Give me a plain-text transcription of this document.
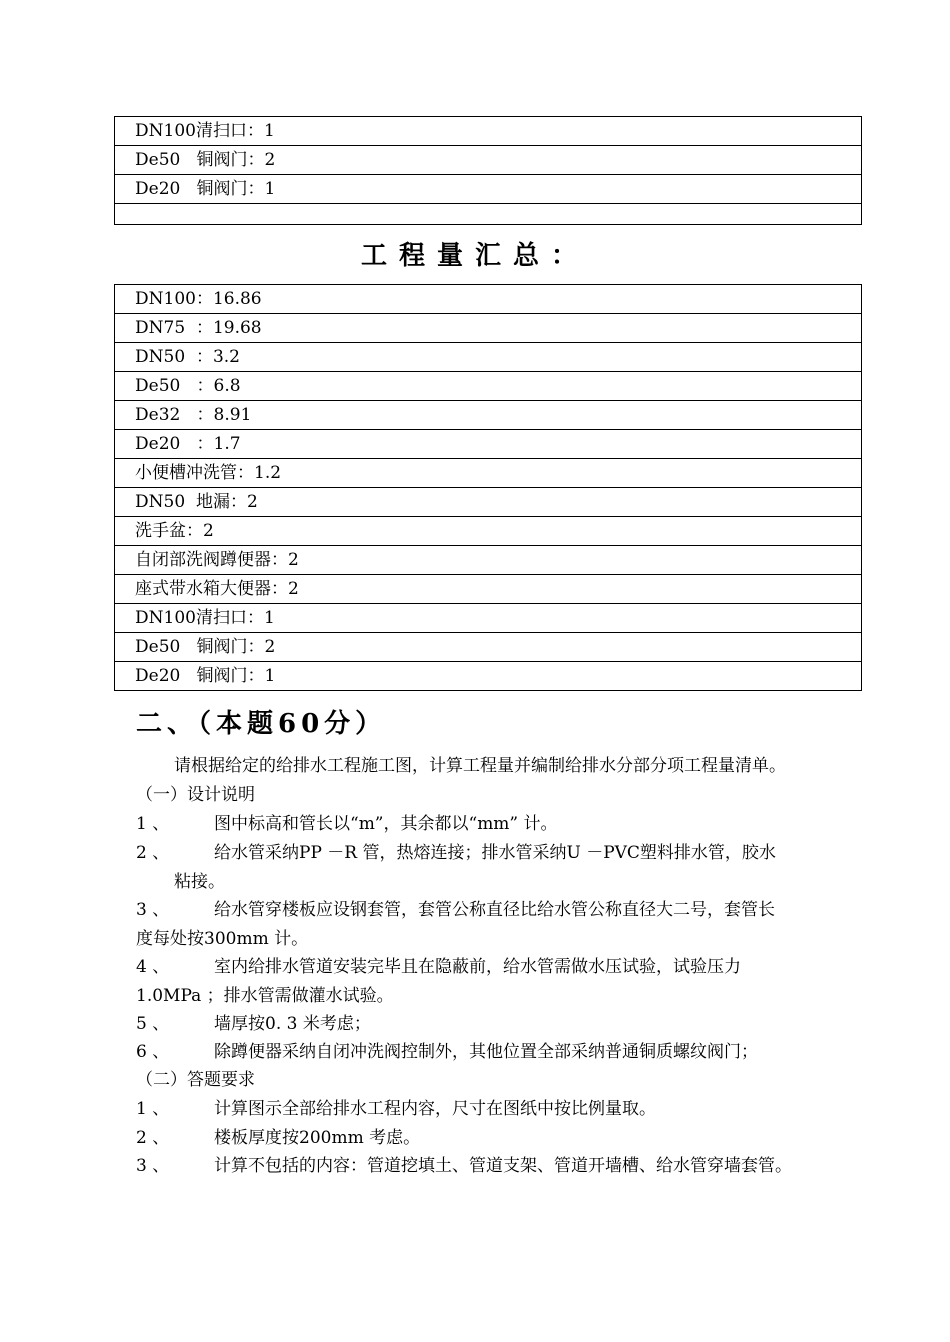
DN100清扫口：1
De50   铜阀门：2
De20   铜阀门：1

工程量汇总：
DN100：16.86
DN75  ：19.68
DN50  ：3.2
De50   ：6.8
De32   ：8.91
De20   ：1.7
小便槽冲洗管：1.2
DN50  地漏：2
洗手盆：2
自闭部洗阀蹲便器：2
座式带水箱大便器：2
DN100清扫口：1
De50   铜阀门：2
De20   铜阀门：1
二、（本题60分）
请根据给定的给排水工程施工图，计算工程量并编制给排水分部分项工程量清单。
（一）设计说明
1 、	图中标高和管长以“m”，其余都以“mm” 计。
2 、	给水管采纳PP －R 管，热熔连接；排水管采纳U －PVC塑料排水管，胶水
粘接。
3 、	给水管穿楼板应设钢套管，套管公称直径比给水管公称直径大二号，套管长
度每处按300mm 计。
4 、	室内给排水管道安装完毕且在隐蔽前，给水管需做水压试验，试验压力
1.0MPa ；排水管需做灌水试验。
5 、	墙厚按0. 3 米考虑；
6 、	除蹲便器采纳自闭冲洗阀控制外，其他位置全部采纳普通铜质螺纹阀门；
（二）答题要求
1 、	计算图示全部给排水工程内容，尺寸在图纸中按比例量取。
2 、	楼板厚度按200mm 考虑。
3 、	计算不包括的内容：管道挖填土、管道支架、管道开墙槽、给水管穿墙套管。
